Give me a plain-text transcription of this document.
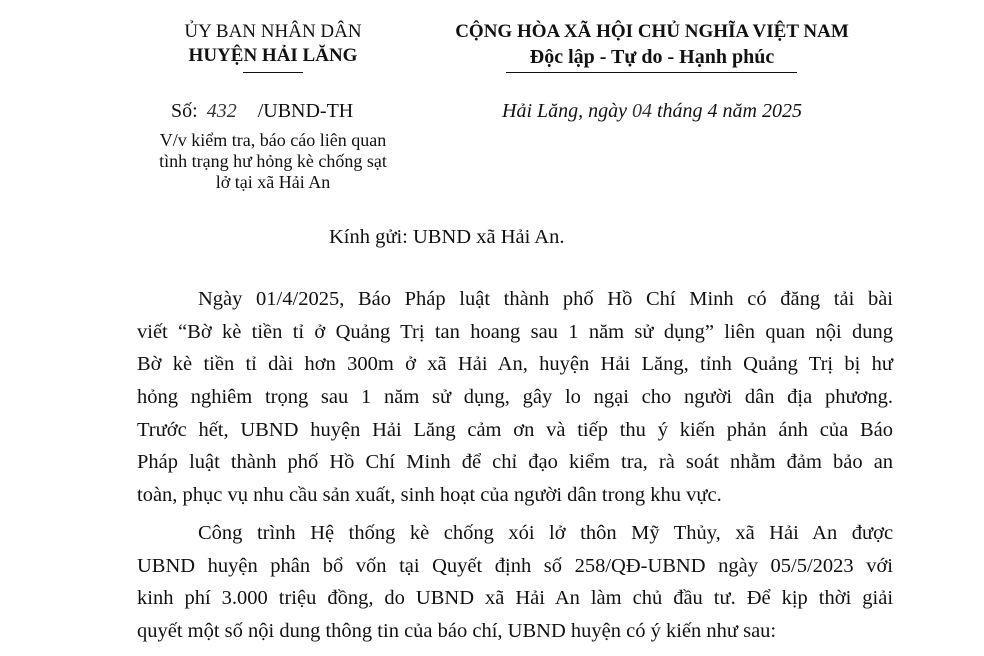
ỦY BAN NHÂN DÂN
HUYỆN HẢI LĂNG
CỘNG HÒA XÃ HỘI CHỦ NGHĨA VIỆT NAM
Độc lập - Tự do - Hạnh phúc
Số: 432 /UBND-TH
V/v kiểm tra, báo cáo liên quan
tình trạng hư hỏng kè chống sạt
lở tại xã Hải An
Hải Lăng, ngày 04 tháng 4 năm 2025
Kính gửi: UBND xã Hải An.
Ngày 01/4/2025, Báo Pháp luật thành phố Hồ Chí Minh có đăng tải bài
viết “Bờ kè tiền tỉ ở Quảng Trị tan hoang sau 1 năm sử dụng” liên quan nội dung
Bờ kè tiền tỉ dài hơn 300m ở xã Hải An, huyện Hải Lăng, tỉnh Quảng Trị bị hư
hỏng nghiêm trọng sau 1 năm sử dụng, gây lo ngại cho người dân địa phương.
Trước hết, UBND huyện Hải Lăng cảm ơn và tiếp thu ý kiến phản ánh của Báo
Pháp luật thành phố Hồ Chí Minh để chỉ đạo kiểm tra, rà soát nhằm đảm bảo an
toàn, phục vụ nhu cầu sản xuất, sinh hoạt của người dân trong khu vực.
Công trình Hệ thống kè chống xói lở thôn Mỹ Thủy, xã Hải An được
UBND huyện phân bổ vốn tại Quyết định số 258/QĐ-UBND ngày 05/5/2023 với
kinh phí 3.000 triệu đồng, do UBND xã Hải An làm chủ đầu tư. Để kịp thời giải
quyết một số nội dung thông tin của báo chí, UBND huyện có ý kiến như sau:
